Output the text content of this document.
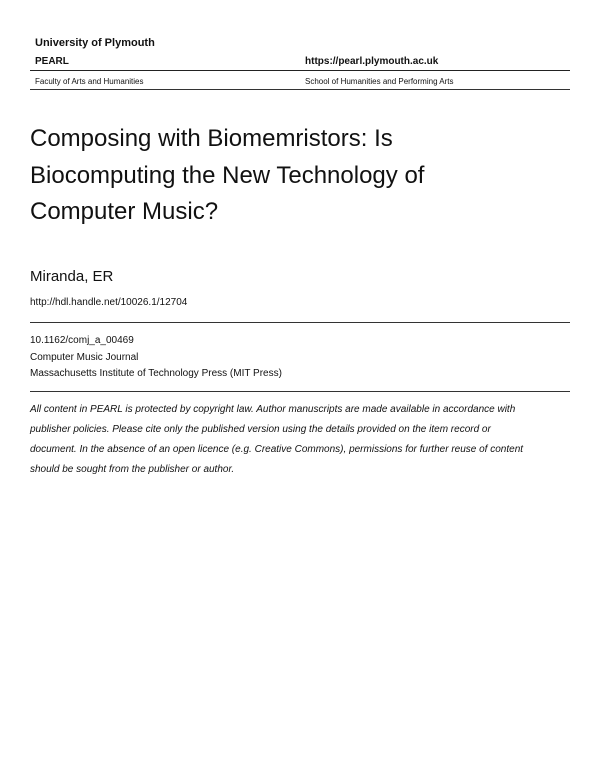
University of Plymouth
PEARL	https://pearl.plymouth.ac.uk
Faculty of Arts and Humanities	School of Humanities and Performing Arts
Composing with Biomemristors: Is
Biocomputing the New Technology of
Computer Music?
Miranda, ER
http://hdl.handle.net/10026.1/12704
10.1162/comj_a_00469
Computer Music Journal
Massachusetts Institute of Technology Press (MIT Press)
All content in PEARL is protected by copyright law. Author manuscripts are made available in accordance with
publisher policies. Please cite only the published version using the details provided on the item record or
document. In the absence of an open licence (e.g. Creative Commons), permissions for further reuse of content
should be sought from the publisher or author.
